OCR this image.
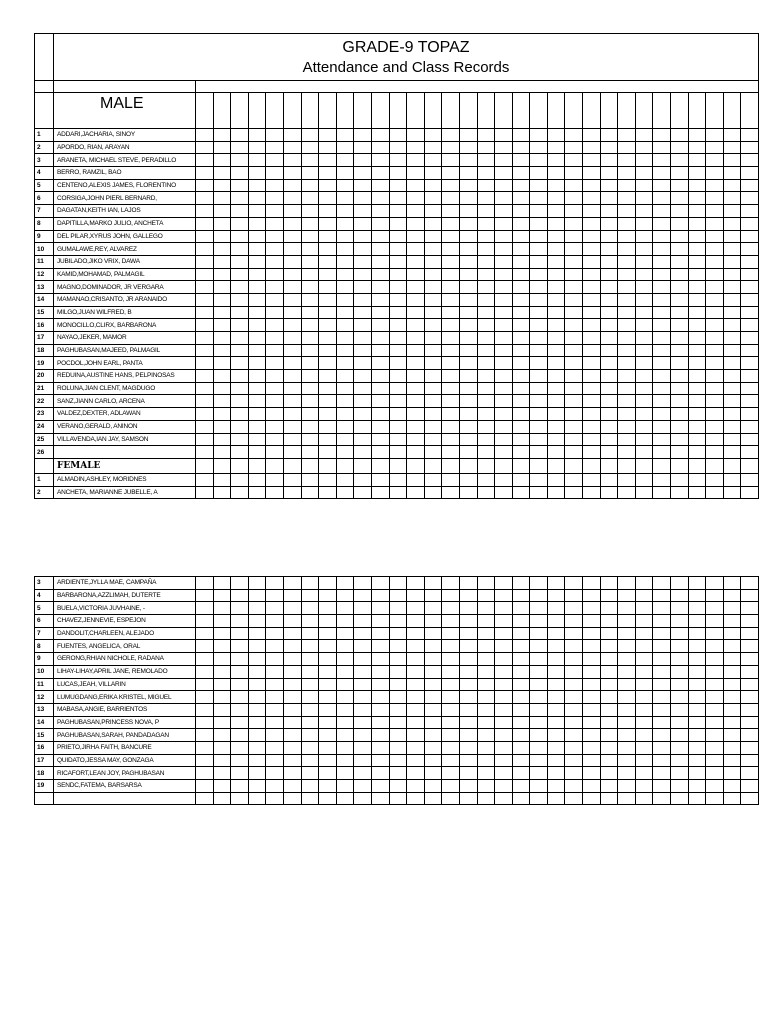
	GRADE-9 TOPAZ
Attendance and Class Records																																

	MALE																																
1	ADDARI,JACHARIA, SINOY																																
2	APORDO, RIAN, ARAYAN																																
3	ARANETA, MICHAEL STEVE, PERADILLO																																
4	BERRO, RAMZIL, BAO																																
5	CENTENO,ALEXIS JAMES, FLORENTINO																																
6	CORSIGA,JOHN PIERL BERNARD,																																
7	DAGATAN,KEITH IAN, LAJOS																																
8	DAPITILLA,MARKO JULIO, ANCHETA																																
9	DEL PILAR,XYRUS JOHN, GALLEGO																																
10	GUMALAWE,REY, ALVAREZ																																
11	JUBILADO,JIKO VRIX, DAWA																																
12	KAMID,MOHAMAD, PALMAGIL																																
13	MAGNO,DOMINADOR, JR VERGARA																																
14	MAMANAO,CRISANTO, JR ARANAIDO																																
15	MILGO,JUAN WILFRED, B																																
16	MONOCILLO,CLIRX, BARBARONA																																
17	NAYAO,JEKER, MAMOR																																
18	PAGHUBASAN,MAJEED, PALMAGIL																																
19	POCDOL,JOHN EARL, PANTA																																
20	REDUINA,AUSTINE HANS, PELPINOSAS																																
21	ROLUNA,JIAN CLENT, MAGDUGO																																
22	SANZ,JIANN CARLO, ARCENA																																
23	VALDEZ,DEXTER, ADLAWAN																																
24	VERANO,GERALD, ANINON																																
25	VILLAVENDA,IAN JAY, SAMSON																																
26																																	
	FEMALE																																
1	ALMADIN,ASHLEY, MORIDNES																																
2	ANCHETA, MARIANNE JUBELLE, A																																
3	ARDIENTE,JYLLA MAE, CAMPAÑA																																
4	BARBARONA,AZZLIMAH, DUTERTE																																
5	BUELA,VICTORIA JUVHAINE, -																																
6	CHAVEZ,JENNEVIE, ESPEJON																																
7	DANDOLIT,CHARLEEN, ALEJADO																																
8	FUENTES, ANGELICA, ORAL																																
9	GERONG,RHIAN NICHOLE, RADANA																																
10	LIHAY-LIHAY,APRIL JANE, REMOLADO																																
11	LUCAS,JEAH, VILLARIN																																
12	LUMUGDANG,ERIKA KRISTEL, MIGUEL																																
13	MABASA,ANGIE, BARRIENTOS																																
14	PAGHUBASAN,PRINCESS NOVA, P																																
15	PAGHUBASAN,SARAH, PANDADAGAN																																
16	PRIETO,JIRHA FAITH, BANCURE																																
17	QUIDATO,JESSA MAY, GONZAGA																																
18	RICAFORT,LEAN JOY, PAGHUBASAN																																
19	SENDC,FATEMA, BARSARSA																																
